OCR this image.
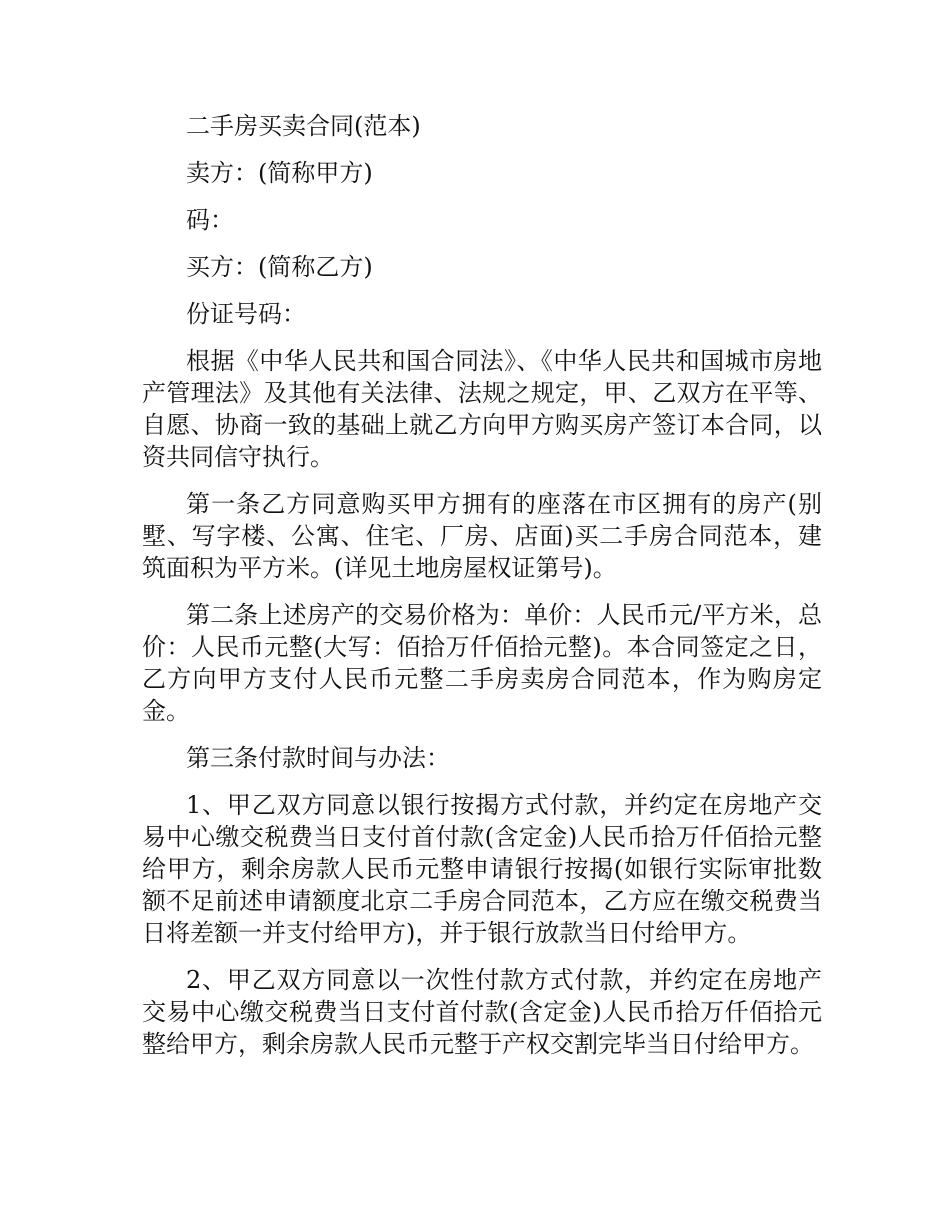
二手房买卖合同(范本)

卖方：(简称甲方)

码：

买方：(简称乙方)

份证号码：

根据《中华人民共和国合同法》、《中华人民共和国城市房地产管理法》及其他有关法律、法规之规定，甲、乙双方在平等、自愿、协商一致的基础上就乙方向甲方购买房产签订本合同，以资共同信守执行。

第一条乙方同意购买甲方拥有的座落在市区拥有的房产(别墅、写字楼、公寓、住宅、厂房、店面)买二手房合同范本，建筑面积为平方米。(详见土地房屋权证第号)。

第二条上述房产的交易价格为：单价：人民币元/平方米，总价：人民币元整(大写：佰拾万仟佰拾元整)。本合同签定之日，乙方向甲方支付人民币元整二手房卖房合同范本，作为购房定金。

第三条付款时间与办法：

1、甲乙双方同意以银行按揭方式付款，并约定在房地产交易中心缴交税费当日支付首付款(含定金)人民币拾万仟佰拾元整给甲方，剩余房款人民币元整申请银行按揭(如银行实际审批数额不足前述申请额度北京二手房合同范本，乙方应在缴交税费当日将差额一并支付给甲方)，并于银行放款当日付给甲方。

2、甲乙双方同意以一次性付款方式付款，并约定在房地产交易中心缴交税费当日支付首付款(含定金)人民币拾万仟佰拾元整给甲方，剩余房款人民币元整于产权交割完毕当日付给甲方。
